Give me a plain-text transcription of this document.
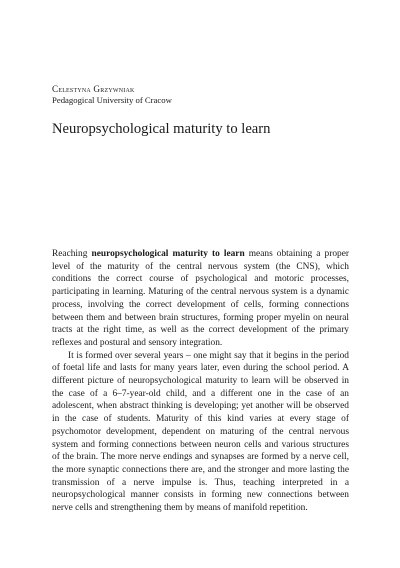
Celestyna Grzywniak
Pedagogical University of Cracow
Neuropsychological maturity to learn

Reaching neuropsychological maturity to learn means obtaining a proper level of the maturity of the central nervous system (the CNS), which conditions the correct course of psychological and motoric processes, participating in learning. Maturing of the central nervous system is a dynamic process, involving the correct development of cells, forming connections between them and between brain structures, forming proper myelin on neural tracts at the right time, as well as the correct development of the primary reflexes and postural and sensory integration.

It is formed over several years – one might say that it begins in the period of foetal life and lasts for many years later, even during the school period. A different picture of neuropsychological maturity to learn will be observed in the case of a 6–7-year-old child, and a different one in the case of an adolescent, when abstract thinking is developing; yet another will be observed in the case of students. Maturity of this kind varies at every stage of psychomotor development, dependent on maturing of the central nervous system and forming connections between neuron cells and various structures of the brain. The more nerve endings and synapses are formed by a nerve cell, the more synaptic connections there are, and the stronger and more lasting the transmission of a nerve impulse is. Thus, teaching interpreted in a neuropsychological manner consists in forming new connections between nerve cells and strengthening them by means of manifold repetition.
